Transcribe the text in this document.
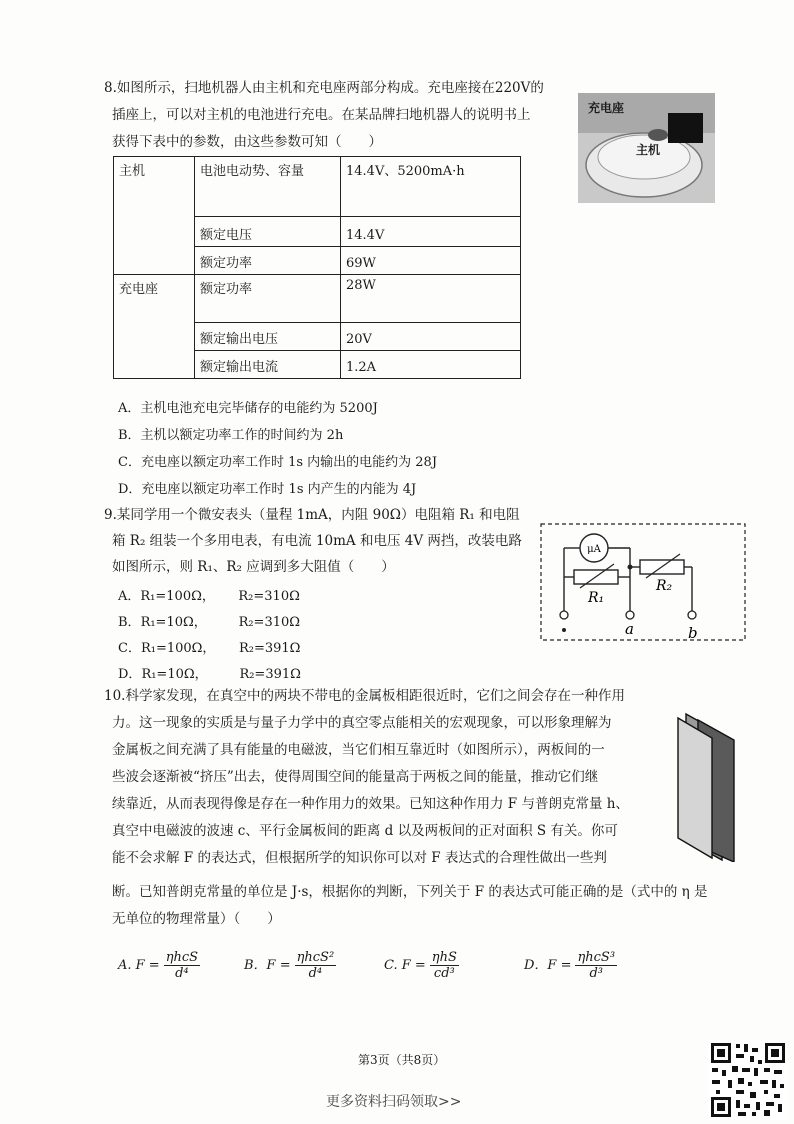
8.如图所示，扫地机器人由主机和充电座两部分构成。充电座接在220V的
插座上，可以对主机的电池进行充电。在某品牌扫地机器人的说明书上
获得下表中的参数，由这些参数可知（　　）
充电座
主机
主机	电池电动势、容量	14.4V、5200mA·h
	额定电压	14.4V
	额定功率	69W
充电座	额定功率	28W
	额定输出电压	20V
	额定输出电流	1.2A
A．主机电池充电完毕储存的电能约为 5200J
B．主机以额定功率工作的时间约为 2h
C．充电座以额定功率工作时 1s 内输出的电能约为 28J
D．充电座以额定功率工作时 1s 内产生的内能为 4J
9.某同学用一个微安表头（量程 1mA，内阻 90Ω）电阻箱 R₁ 和电阻
箱 R₂ 组装一个多用电表，有电流 10mA 和电压 4V 两挡，改装电路
如图所示，则 R₁、R₂ 应调到多大阻值（　　）
A．R₁=100Ω， R₂=310Ω
B．R₁=10Ω， R₂=310Ω
C．R₁=100Ω， R₂=391Ω
D．R₁=10Ω， R₂=391Ω
μA
R₁
R₂
a	b
10.科学家发现，在真空中的两块不带电的金属板相距很近时，它们之间会存在一种作用
力。这一现象的实质是与量子力学中的真空零点能相关的宏观现象，可以形象理解为
金属板之间充满了具有能量的电磁波，当它们相互靠近时（如图所示），两板间的一
些波会逐渐被“挤压”出去，使得周围空间的能量高于两板之间的能量，推动它们继
续靠近，从而表现得像是存在一种作用力的效果。已知这种作用力 F 与普朗克常量 h、
真空中电磁波的波速 c、平行金属板间的距离 d 以及两板间的正对面积 S 有关。你可
能不会求解 F 的表达式，但根据所学的知识你可以对 F 表达式的合理性做出一些判
断。已知普朗克常量的单位是 J·s，根据你的判断，下列关于 F 的表达式可能正确的是（式中的 η 是
无单位的物理常量）（　　）
A. $F = \frac{\text{ηhcS}}{\text{d⁴}}$	B．$F = \frac{\text{ηhcS²}}{\text{d⁴}}$	C. $F = \frac{\text{ηhS}}{\text{cd³}}$	D．$F = \frac{\text{ηhcS³}}{\text{d³}}$
第3页（共8页）
更多资料扫码领取>>
